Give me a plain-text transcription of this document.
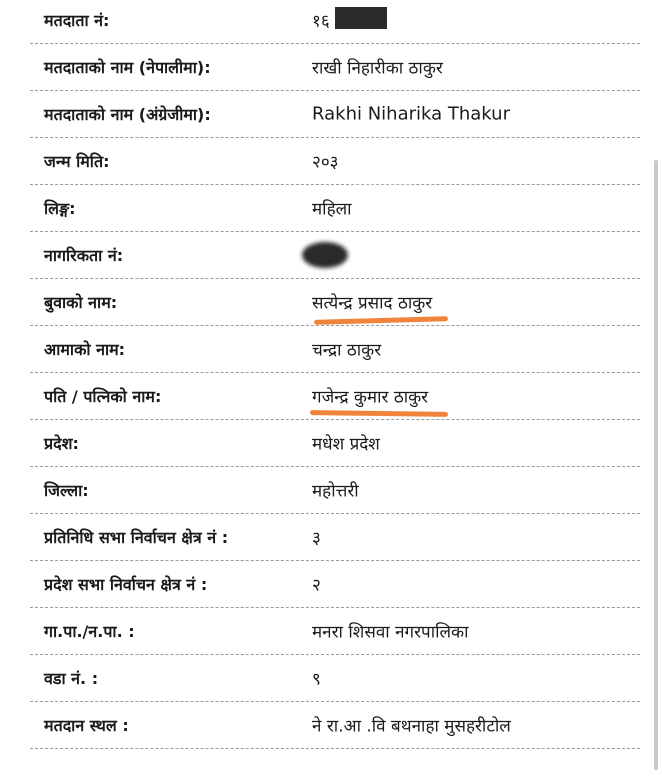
मतदाता नं:	१६
मतदाताको नाम (नेपालीमा):	राखी निहारीका ठाकुर
मतदाताको नाम (अंग्रेजीमा):	Rakhi Niharika Thakur
जन्म मिति:	२०३
लिङ्ग:	महिला
नागरिकता नं:
बुवाको नाम:	सत्येन्द्र प्रसाद ठाकुर
आमाको नाम:	चन्द्रा ठाकुर
पति / पत्निको नाम:	गजेन्द्र कुमार ठाकुर
प्रदेश:	मधेश प्रदेश
जिल्ला:	महोत्तरी
प्रतिनिधि सभा निर्वाचन क्षेत्र नं :	३
प्रदेश सभा निर्वाचन क्षेत्र नं :	२
गा.पा./न.पा. :	मनरा शिसवा नगरपालिका
वडा नं. :	९
मतदान स्थल :	ने रा.आ .वि बथनाहा मुसहरीटोल
